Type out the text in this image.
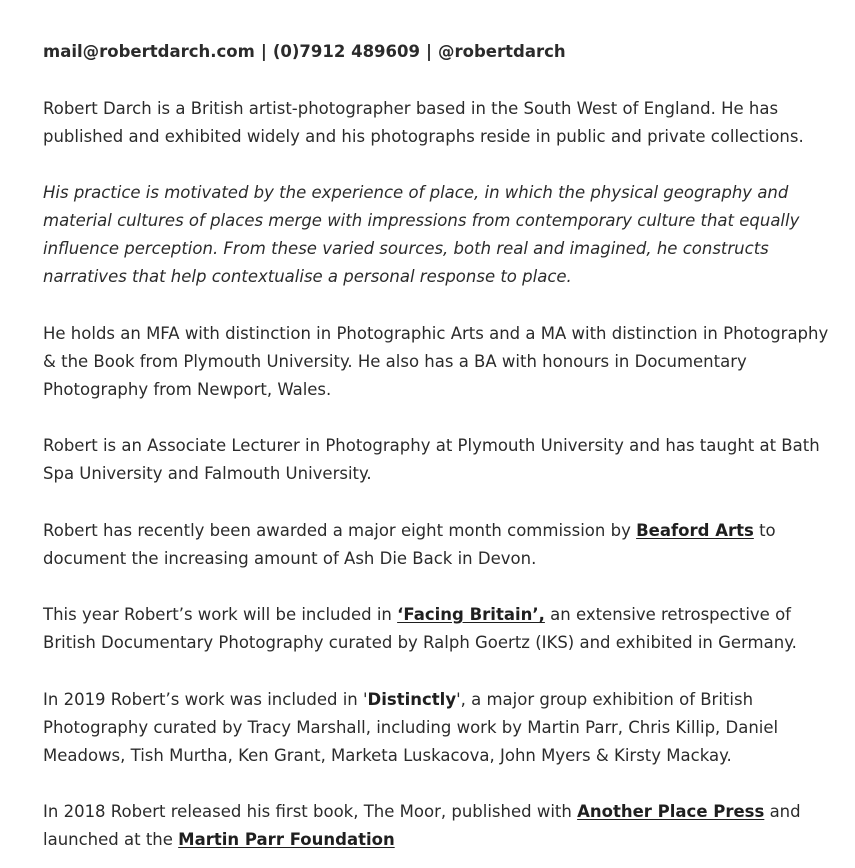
mail@robertdarch.com | (0)7912 489609 | @robertdarch

Robert Darch is a British artist-photographer based in the South West of England. He has published and exhibited widely and his photographs reside in public and private collections.

His practice is motivated by the experience of place, in which the physical geography and material cultures of places merge with impressions from contemporary culture that equally influence perception. From these varied sources, both real and imagined, he constructs narratives that help contextualise a personal response to place.

He holds an MFA with distinction in Photographic Arts and a MA with distinction in Photography & the Book from Plymouth University. He also has a BA with honours in Documentary Photography from Newport, Wales.

Robert is an Associate Lecturer in Photography at Plymouth University and has taught at Bath Spa University and Falmouth University.

Robert has recently been awarded a major eight month commission by Beaford Arts to document the increasing amount of Ash Die Back in Devon.

This year Robert’s work will be included in ‘Facing Britain’, an extensive retrospective of British Documentary Photography curated by Ralph Goertz (IKS) and exhibited in Germany.

In 2019 Robert’s work was included in 'Distinctly', a major group exhibition of British Photography curated by Tracy Marshall, including work by Martin Parr, Chris Killip, Daniel Meadows, Tish Murtha, Ken Grant, Marketa Luskacova, John Myers & Kirsty Mackay.

In 2018 Robert released his first book, The Moor, published with Another Place Press and launched at the Martin Parr Foundation
